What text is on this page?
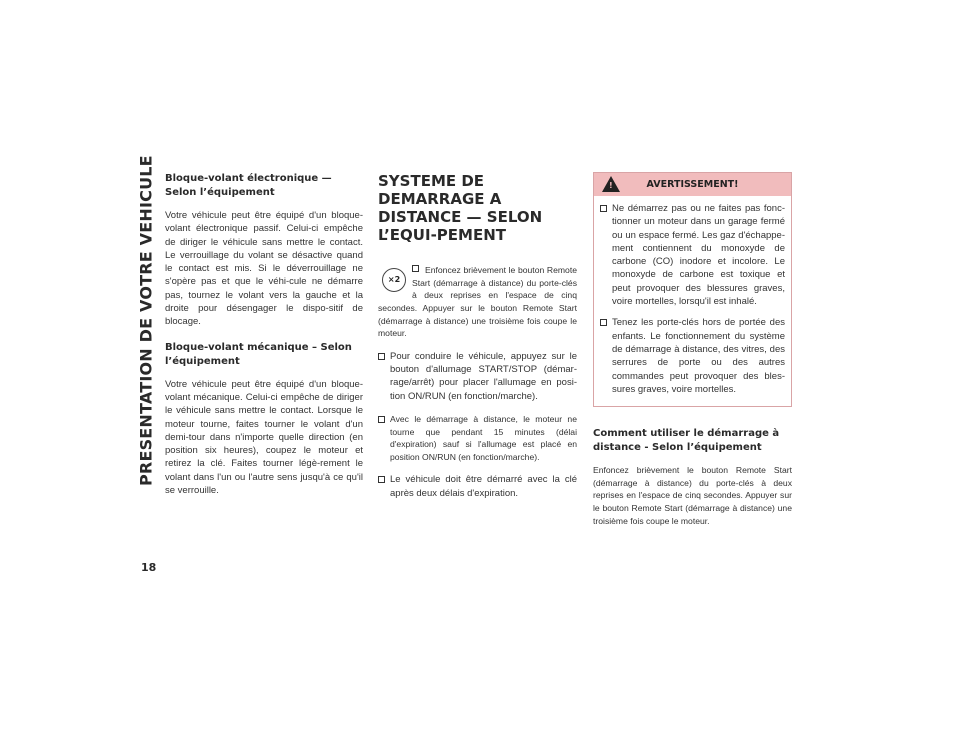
PRESENTATION DE VOTRE VEHICULE
18
Bloque-volant électronique — Selon l’équipement

Votre véhicule peut être équipé d'un bloque-volant électronique passif. Celui-ci empêche de diriger le véhicule sans mettre le contact. Le verrouillage du volant se désactive quand le contact est mis. Si le déverrouillage ne s'opère pas et que le véhi-cule ne démarre pas, tournez le volant vers la gauche et la droite pour désengager le dispo-sitif de blocage.

Bloque-volant mécanique – Selon l’équipement

Votre véhicule peut être équipé d'un bloque-volant mécanique. Celui-ci empêche de diriger le véhicule sans mettre le contact. Lorsque le moteur tourne, faites tourner le volant d'un demi-tour dans n'importe quelle direction (en position six heures), coupez le moteur et retirez la clé. Faites tourner légè-rement le volant dans l'un ou l'autre sens jusqu'à ce qu'il se verrouille.

SYSTEME DE DEMARRAGE A DISTANCE — SELON L’EQUI-PEMENT
×2
Enfoncez brièvement le bouton Remote Start (démarrage à distance) du porte-clés à deux reprises en l'espace de cinq secondes. Appuyer sur le bouton Remote Start (démarrage à distance) une troisième fois coupe le moteur.
Pour conduire le véhicule, appuyez sur le bouton d'allumage START/STOP (démar-rage/arrêt) pour placer l'allumage en posi-tion ON/RUN (en fonction/marche).
Avec le démarrage à distance, le moteur ne tourne que pendant 15 minutes (délai d'expiration) sauf si l'allumage est placé en position ON/RUN (en fonction/marche).
Le véhicule doit être démarré avec la clé après deux délais d'expiration.
!	AVERTISSEMENT!
Ne démarrez pas ou ne faites pas fonc-tionner un moteur dans un garage fermé ou un espace fermé. Les gaz d'échappe-ment contiennent du monoxyde de carbone (CO) inodore et incolore. Le monoxyde de carbone est toxique et peut provoquer des blessures graves, voire mortelles, lorsqu'il est inhalé.
Tenez les porte-clés hors de portée des enfants. Le fonctionnement du système de démarrage à distance, des vitres, des serrures de porte ou des autres commandes peut provoquer des bles-sures graves, voire mortelles.
Comment utiliser le démarrage à distance - Selon l’équipement

Enfoncez brièvement le bouton Remote Start (démarrage à distance) du porte-clés à deux reprises en l'espace de cinq secondes. Appuyer sur le bouton Remote Start (démarrage à distance) une troisième fois coupe le moteur.
